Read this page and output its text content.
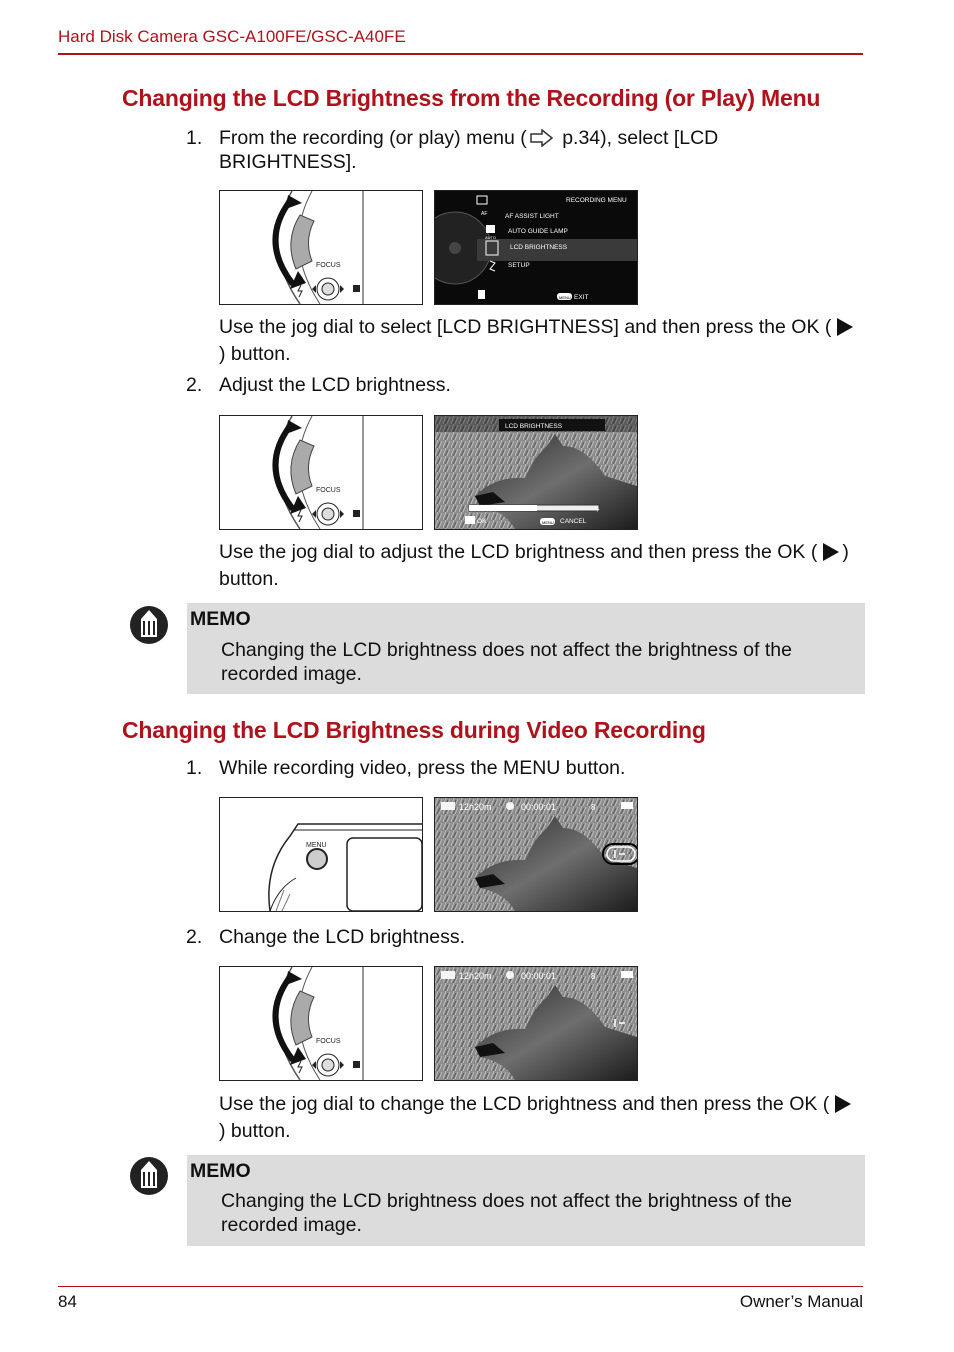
Hard Disk Camera GSC-A100FE/GSC-A40FE
Changing the LCD Brightness from the Recording (or Play) Menu
1. From the recording (or play) menu ( p.34), select [LCD BRIGHTNESS].
FOCUS
RECORDING MENU
AF ASSIST LIGHT
AUTO GUIDE LAMP
LCD BRIGHTNESS
SETUP
AF
AUTO
MENU EXIT
Use the jog dial to select [LCD BRIGHTNESS] and then press the OK () button.
2. Adjust the LCD brightness.
FOCUS
LCD BRIGHTNESS
−	+
OK	MENU CANCEL
Use the jog dial to adjust the LCD brightness and then press the OK ( ) button.
MEMO
Changing the LCD brightness does not affect the brightness of the recorded image.
Changing the LCD Brightness during Video Recording
1. While recording video, press the MENU button.
MENU
12h20m	00:00:01	8
2. Change the LCD brightness.
FOCUS
12h20m	00:00:01	8
Use the jog dial to change the LCD brightness and then press the OK () button.
MEMO
Changing the LCD brightness does not affect the brightness of the recorded image.
84	Owner’s Manual
